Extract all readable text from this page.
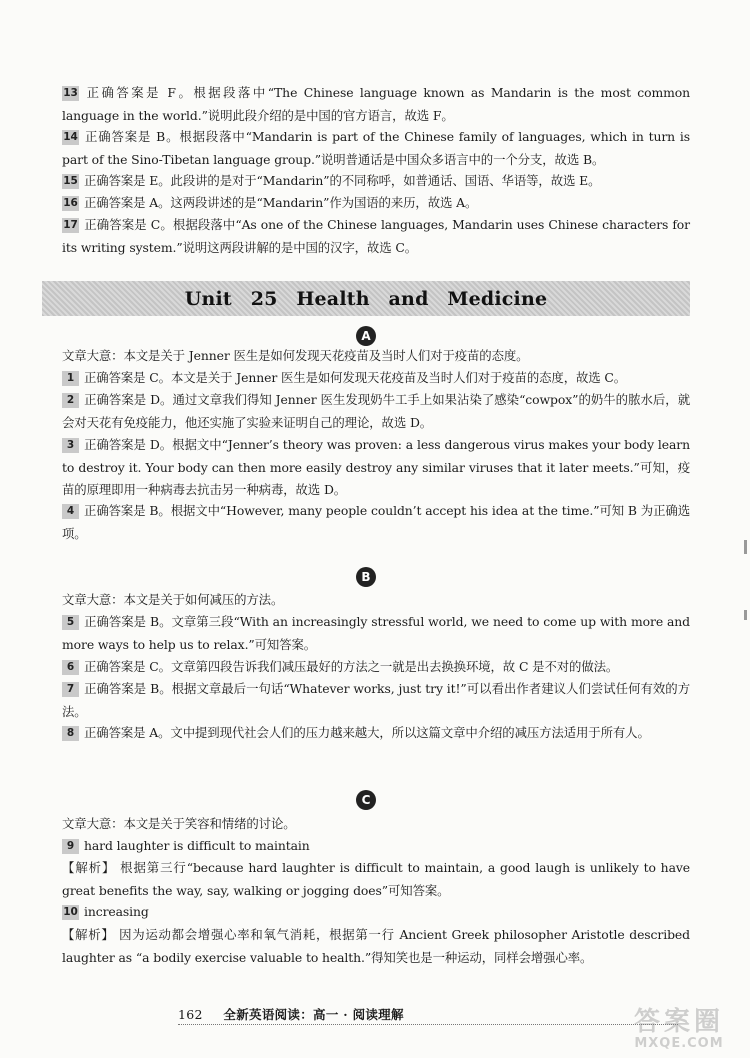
13 正确答案是 F。根据段落中“The Chinese language known as Mandarin is the most common language in the world.”说明此段介绍的是中国的官方语言，故选 F。
14 正确答案是 B。根据段落中“Mandarin is part of the Chinese family of languages, which in turn is part of the Sino-Tibetan language group.”说明普通话是中国众多语言中的一个分支，故选 B。
15 正确答案是 E。此段讲的是对于“Mandarin”的不同称呼，如普通话、国语、华语等，故选 E。
16 正确答案是 A。这两段讲述的是“Mandarin”作为国语的来历，故选 A。
17 正确答案是 C。根据段落中“As one of the Chinese languages, Mandarin uses Chinese characters for its writing system.”说明这两段讲解的是中国的汉字，故选 C。
Unit 25 Health and Medicine
A
文章大意：本文是关于 Jenner 医生是如何发现天花疫苗及当时人们对于疫苗的态度。
1 正确答案是 C。本文是关于 Jenner 医生是如何发现天花疫苗及当时人们对于疫苗的态度，故选 C。
2 正确答案是 D。通过文章我们得知 Jenner 医生发现奶牛工手上如果沾染了感染“cowpox”的奶牛的脓水后，就会对天花有免疫能力，他还实施了实验来证明自己的理论，故选 D。
3 正确答案是 D。根据文中“Jenner’s theory was proven: a less dangerous virus makes your body learn to destroy it. Your body can then more easily destroy any similar viruses that it later meets.”可知，疫苗的原理即用一种病毒去抗击另一种病毒，故选 D。
4 正确答案是 B。根据文中“However, many people couldn’t accept his idea at the time.”可知 B 为正确选项。
B
文章大意：本文是关于如何减压的方法。
5 正确答案是 B。文章第三段“With an increasingly stressful world, we need to come up with more and more ways to help us to relax.”可知答案。
6 正确答案是 C。文章第四段告诉我们减压最好的方法之一就是出去换换环境，故 C 是不对的做法。
7 正确答案是 B。根据文章最后一句话“Whatever works, just try it!”可以看出作者建议人们尝试任何有效的方法。
8 正确答案是 A。文中提到现代社会人们的压力越来越大，所以这篇文章中介绍的减压方法适用于所有人。
C
文章大意：本文是关于笑容和情绪的讨论。
9 hard laughter is difficult to maintain
【解析】 根据第三行“because hard laughter is difficult to maintain, a good laugh is unlikely to have great benefits the way, say, walking or jogging does”可知答案。
10 increasing
【解析】 因为运动都会增强心率和氧气消耗，根据第一行 Ancient Greek philosopher Aristotle described laughter as “a bodily exercise valuable to health.”得知笑也是一种运动，同样会增强心率。
162 全新英语阅读：高一 · 阅读理解	答案圈
MXQE.COM
